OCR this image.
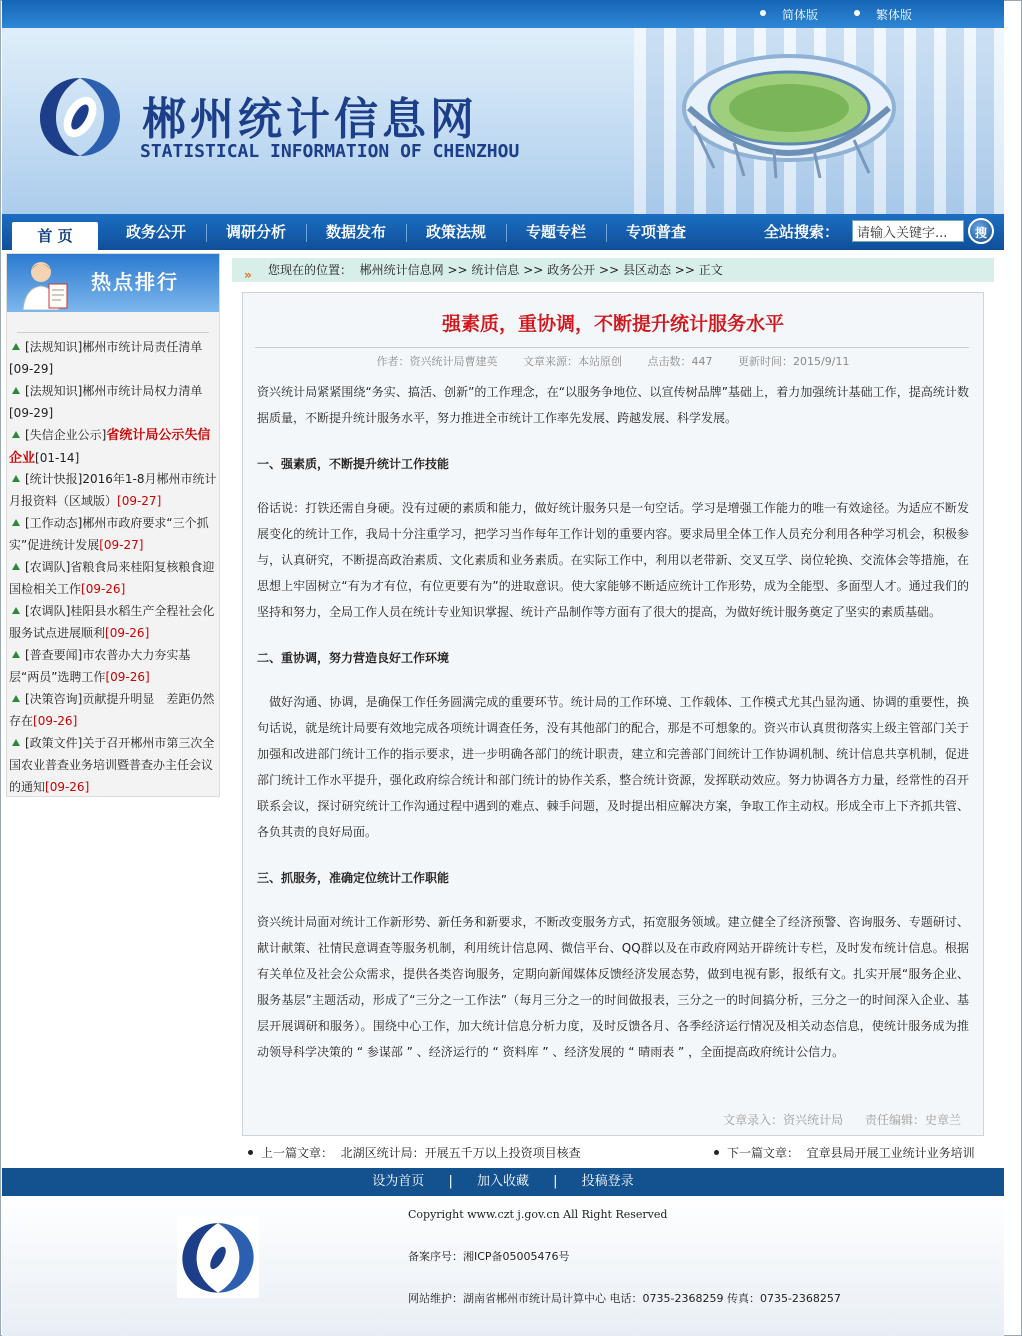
简体版	繁体版
郴州统计信息网
STATISTICAL INFORMATION OF CHENZHOU
首 页	政务公开	调研分析	数据发布	政策法规	专题专栏	专项普查	全站搜索：
请输入关键字...	搜
热点排行
[法规知识]郴州市统计局责任清单
[09-29]
[法规知识]郴州市统计局权力清单
[09-29]
[失信企业公示]省统计局公示失信企业[01-14]
[统计快报]2016年1-8月郴州市统计月报资料（区域版）[09-27]
[工作动态]郴州市政府要求“三个抓实”促进统计发展[09-27]
[农调队]省粮食局来桂阳复核粮食迎国检相关工作[09-26]
[农调队]桂阳县水稻生产全程社会化服务试点进展顺利[09-26]
[普查要闻]市农普办大力夯实基层“两员”选聘工作[09-26]
[决策咨询]贡献提升明显　差距仍然存在[09-26]
[政策文件]关于召开郴州市第三次全国农业普查业务培训暨普查办主任会议的通知[09-26]
» 您现在的位置： 郴州统计信息网 >> 统计信息 >> 政务公开 >> 县区动态 >> 正文
强素质，重协调，不断提升统计服务水平
作者：资兴统计局曹建英 文章来源：本站原创 点击数：447 更新时间：2015/9/11
资兴统计局紧紧围绕“务实、搞活、创新”的工作理念，在“以服务争地位、以宣传树品牌”基础上，着力加强统计基础工作，提高统计数据质量，不断提升统计服务水平，努力推进全市统计工作率先发展、跨越发展、科学发展。
一、强素质，不断提升统计工作技能
俗话说：打铁还需自身硬。没有过硬的素质和能力，做好统计服务只是一句空话。学习是增强工作能力的唯一有效途径。为适应不断发展变化的统计工作，我局十分注重学习，把学习当作每年工作计划的重要内容。要求局里全体工作人员充分利用各种学习机会，积极参与，认真研究，不断提高政治素质、文化素质和业务素质。在实际工作中，利用以老带新、交叉互学、岗位轮换、交流体会等措施，在思想上牢固树立“有为才有位，有位更要有为”的进取意识。使大家能够不断适应统计工作形势，成为全能型、多面型人才。通过我们的坚持和努力，全局工作人员在统计专业知识掌握、统计产品制作等方面有了很大的提高，为做好统计服务奠定了坚实的素质基础。
二、重协调，努力营造良好工作环境
　做好沟通、协调，是确保工作任务圆满完成的重要环节。统计局的工作环境、工作载体、工作模式尤其凸显沟通、协调的重要性，换句话说，就是统计局要有效地完成各项统计调查任务，没有其他部门的配合，那是不可想象的。资兴市认真贯彻落实上级主管部门关于加强和改进部门统计工作的指示要求，进一步明确各部门的统计职责，建立和完善部门间统计工作协调机制、统计信息共享机制，促进部门统计工作水平提升，强化政府综合统计和部门统计的协作关系，整合统计资源，发挥联动效应。努力协调各方力量，经常性的召开联系会议，探讨研究统计工作沟通过程中遇到的难点、棘手问题，及时提出相应解决方案，争取工作主动权。形成全市上下齐抓共管、各负其责的良好局面。
三、抓服务，准确定位统计工作职能
资兴统计局面对统计工作新形势、新任务和新要求，不断改变服务方式，拓宽服务领域。建立健全了经济预警、咨询服务、专题研讨、献计献策、社情民意调查等服务机制，利用统计信息网、微信平台、QQ群以及在市政府网站开辟统计专栏，及时发布统计信息。根据有关单位及社会公众需求，提供各类咨询服务，定期向新闻媒体反馈经济发展态势，做到电视有影，报纸有文。扎实开展“服务企业、服务基层”主题活动，形成了“三分之一工作法”（每月三分之一的时间做报表，三分之一的时间搞分析，三分之一的时间深入企业、基层开展调研和服务）。围绕中心工作，加大统计信息分析力度，及时反馈各月、各季经济运行情况及相关动态信息，使统计服务成为推动领导科学决策的 “ 参谋部 ” 、经济运行的 “ 资料库 ” 、经济发展的 “ 晴雨表 ” ，全面提高政府统计公信力。
文章录入：资兴统计局 责任编辑：史章兰
上一篇文章： 北湖区统计局：开展五千万以上投资项目核查	下一篇文章： 宜章县局开展工业统计业务培训
设为首页 | 加入收藏 | 投稿登录
Copyright www.czt j.gov.cn All Right Reserved
备案序号：湘ICP备05005476号
网站维护：湖南省郴州市统计局计算中心 电话：0735-2368259 传真：0735-2368257
